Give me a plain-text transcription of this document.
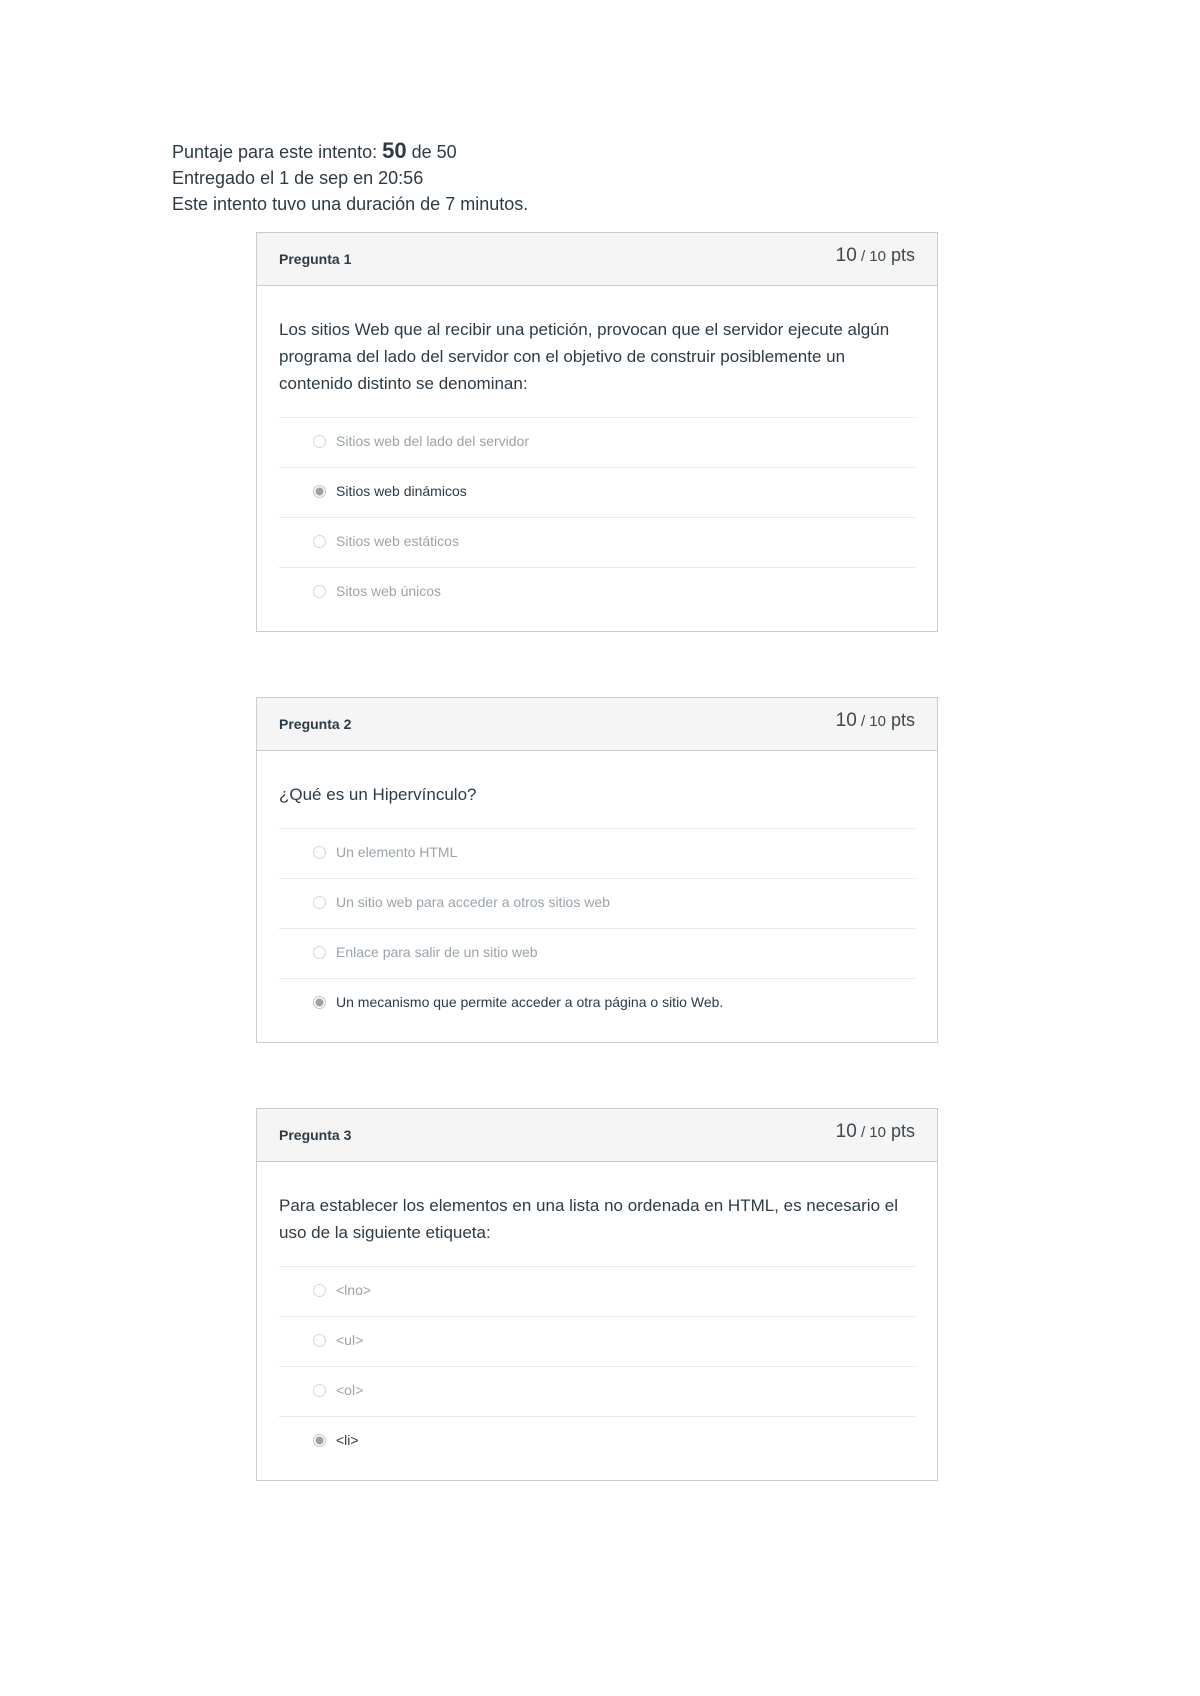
Puntaje para este intento: 50 de 50
Entregado el 1 de sep en 20:56
Este intento tuvo una duración de 7 minutos.
Pregunta 1	10 / 10 pts

Los sitios Web que al recibir una petición, provocan que el servidor ejecute algún programa del lado del servidor con el objetivo de construir posiblemente un contenido distinto se denominan:

Sitios web del lado del servidor
Sitios web dinámicos
Sitios web estáticos
Sitos web únicos
Pregunta 2	10 / 10 pts

¿Qué es un Hipervínculo?

Un elemento HTML
Un sitio web para acceder a otros sitios web
Enlace para salir de un sitio web
Un mecanismo que permite acceder a otra página o sitio Web.
Pregunta 3	10 / 10 pts

Para establecer los elementos en una lista no ordenada en HTML, es necesario el uso de la siguiente etiqueta:

<lno>
<ul>
<ol>
<li>
